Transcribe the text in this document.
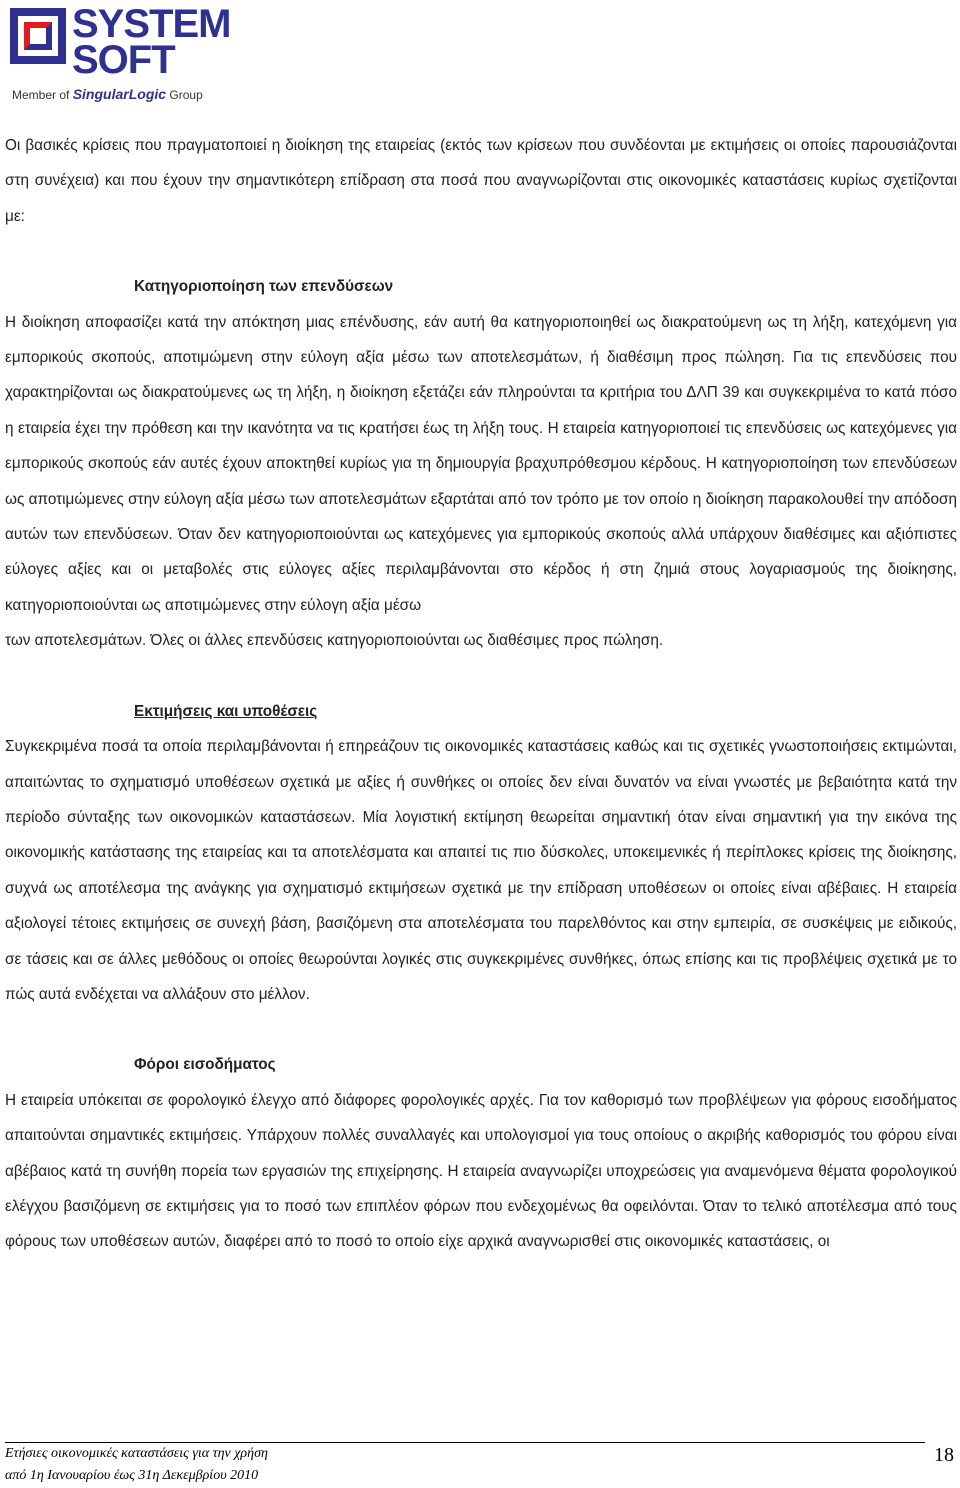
SYSTEM
SOFT
Member of SingularLogic Group

Οι βασικές κρίσεις που πραγματοποιεί η διοίκηση της εταιρείας (εκτός των κρίσεων που συνδέονται με εκτιμήσεις οι οποίες παρουσιάζονται στη συνέχεια) και που έχουν την σημαντικότερη επίδραση στα ποσά που αναγνωρίζονται στις οικονομικές καταστάσεις κυρίως σχετίζονται με:

Κατηγοριοποίηση των επενδύσεων

Η διοίκηση αποφασίζει κατά την απόκτηση μιας επένδυσης, εάν αυτή θα κατηγοριοποιηθεί ως διακρατούμενη ως τη λήξη, κατεχόμενη για εμπορικούς σκοπούς, αποτιμώμενη στην εύλογη αξία μέσω των αποτελεσμάτων, ή διαθέσιμη προς πώληση. Για τις επενδύσεις που χαρακτηρίζονται ως διακρατούμενες ως τη λήξη, η διοίκηση εξετάζει εάν πληρούνται τα κριτήρια του ΔΛΠ 39 και συγκεκριμένα το κατά πόσο η εταιρεία έχει την πρόθεση και την ικανότητα να τις κρατήσει έως τη λήξη τους. Η εταιρεία κατηγοριοποιεί τις επενδύσεις ως κατεχόμενες για εμπορικούς σκοπούς εάν αυτές έχουν αποκτηθεί κυρίως για τη δημιουργία βραχυπρόθεσμου κέρδους. Η κατηγοριοποίηση των επενδύσεων ως αποτιμώμενες στην εύλογη αξία μέσω των αποτελεσμάτων εξαρτάται από τον τρόπο με τον οποίο η διοίκηση παρακολουθεί την απόδοση αυτών των επενδύσεων. Όταν δεν κατηγοριοποιούνται ως κατεχόμενες για εμπορικούς σκοπούς αλλά υπάρχουν διαθέσιμες και αξιόπιστες εύλογες αξίες και οι μεταβολές στις εύλογες αξίες περιλαμβάνονται στο κέρδος ή στη ζημιά στους λογαριασμούς της διοίκησης, κατηγοριοποιούνται ως αποτιμώμενες στην εύλογη αξία μέσω

των αποτελεσμάτων. Όλες οι άλλες επενδύσεις κατηγοριοποιούνται ως διαθέσιμες προς πώληση.

Εκτιμήσεις και υποθέσεις

Συγκεκριμένα ποσά τα οποία περιλαμβάνονται ή επηρεάζουν τις οικονομικές καταστάσεις καθώς και τις σχετικές γνωστοποιήσεις εκτιμώνται, απαιτώντας το σχηματισμό υποθέσεων σχετικά με αξίες ή συνθήκες οι οποίες δεν είναι δυνατόν να είναι γνωστές με βεβαιότητα κατά την περίοδο σύνταξης των οικονομικών καταστάσεων. Μία λογιστική εκτίμηση θεωρείται σημαντική όταν είναι σημαντική για την εικόνα της οικονομικής κατάστασης της εταιρείας και τα αποτελέσματα και απαιτεί τις πιο δύσκολες, υποκειμενικές ή περίπλοκες κρίσεις της διοίκησης, συχνά ως αποτέλεσμα της ανάγκης για σχηματισμό εκτιμήσεων σχετικά με την επίδραση υποθέσεων οι οποίες είναι αβέβαιες. Η εταιρεία αξιολογεί τέτοιες εκτιμήσεις σε συνεχή βάση, βασιζόμενη στα αποτελέσματα του παρελθόντος και στην εμπειρία, σε συσκέψεις με ειδικούς, σε τάσεις και σε άλλες μεθόδους οι οποίες θεωρούνται λογικές στις συγκεκριμένες συνθήκες, όπως επίσης και τις προβλέψεις σχετικά με το πώς αυτά ενδέχεται να αλλάξουν στο μέλλον.

Φόροι εισοδήματος

Η εταιρεία υπόκειται σε φορολογικό έλεγχο από διάφορες φορολογικές αρχές. Για τον καθορισμό των προβλέψεων για φόρους εισοδήματος απαιτούνται σημαντικές εκτιμήσεις. Υπάρχουν πολλές συναλλαγές και υπολογισμοί για τους οποίους ο ακριβής καθορισμός του φόρου είναι αβέβαιος κατά τη συνήθη πορεία των εργασιών της επιχείρησης. Η εταιρεία αναγνωρίζει υποχρεώσεις για αναμενόμενα θέματα φορολογικού ελέγχου βασιζόμενη σε εκτιμήσεις για το ποσό των επιπλέον φόρων που ενδεχομένως θα οφειλόνται. Όταν το τελικό αποτέλεσμα από τους φόρους των υποθέσεων αυτών, διαφέρει από το ποσό το οποίο είχε αρχικά αναγνωρισθεί στις οικονομικές καταστάσεις, οι

Ετήσιες οικονομικές καταστάσεις για την χρήση
από 1η Ιανουαρίου έως 31η Δεκεμβρίου 2010
18
